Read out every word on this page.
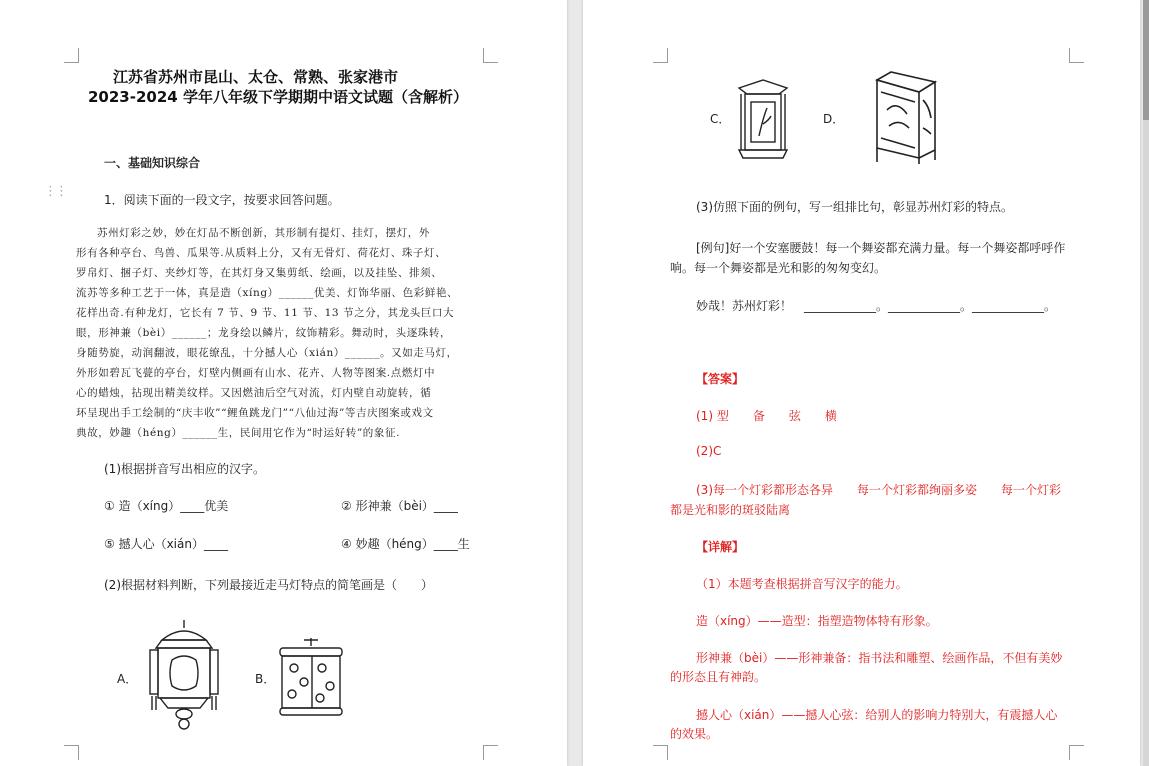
江苏省苏州市昆山、太仓、常熟、张家港市
2023-2024 学年八年级下学期期中语文试题（含解析）
一、基础知识综合
⋮⋮
1．阅读下面的一段文字，按要求回答问题。

苏州灯彩之妙，妙在灯品不断创新，其形制有提灯、挂灯，摆灯，外

形有各种亭台、鸟兽、瓜果等.从质料上分，又有无骨灯、荷花灯、珠子灯、

罗帛灯、捆子灯、夹纱灯等，在其灯身又集剪纸、绘画，以及挂坠、排须、

流苏等多种工艺于一体，真是造（xíng）______优美、灯饰华丽、色彩鲜艳、

花样出奇.有种龙灯，它长有 7 节、9 节、11 节、13 节之分，其龙头巨口大

眼，形神兼（bèi）______；龙身绘以鳞片，纹饰精彩。舞动时，头逐珠转，

身随势旋，动润翻波，眼花缭乱，十分撼人心（xián）______。又如走马灯，

外形如碧瓦飞甍的亭台，灯壁内侧画有山水、花卉、人物等图案.点燃灯中

心的蜡烛，拈现出精美纹样。又因燃油后空气对流，灯内壁自动旋转，循

环呈现出手工绘制的“庆丰收”“鲤鱼跳龙门”“八仙过海”等吉庆图案或戏文

典故，妙趣（héng）______生，民间用它作为“时运好转”的象征.

(1)根据拼音写出相应的汉字。
① 造（xíng）____优美	② 形神兼（bèi）____
⑤ 撼人心（xián）____	④ 妙趣（héng）____生
(2)根据材料判断，下列最接近走马灯特点的简笔画是（　　）
A．	B．
C．	D．
(3)仿照下面的例句，写一组排比句，彰显苏州灯彩的特点。
[例句]好一个安塞腰鼓！每一个舞姿都充满力量。每一个舞姿都呼呼作
响。每一个舞姿都是光和影的匆匆变幻。
妙哉！苏州灯彩！　____________。____________。____________。
【答案】
(1) 型　　备　　弦　　横
(2)C
(3)每一个灯彩都形态各异　　每一个灯彩都绚丽多姿　　每一个灯彩
都是光和影的斑驳陆离
【详解】
（1）本题考查根据拼音写汉字的能力。
造（xíng）——造型：指塑造物体特有形象。
形神兼（bèi）——形神兼备：指书法和雕塑、绘画作品，不但有美妙
的形态且有神韵。
撼人心（xián）——撼人心弦：给别人的影响力特别大，有震撼人心
的效果。
